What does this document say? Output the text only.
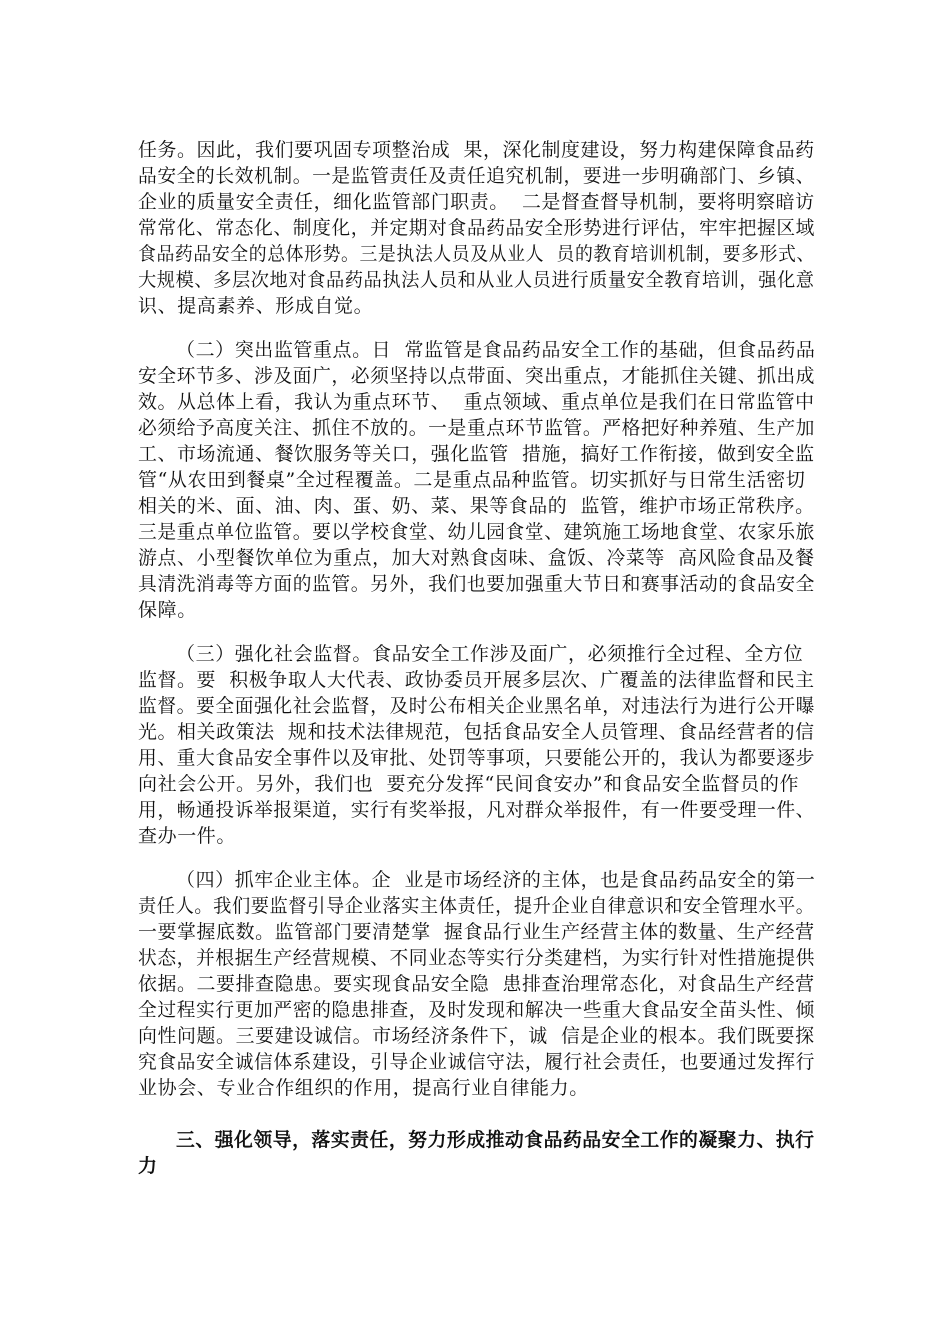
任务。因此，我们要巩固专项整治成  果，深化制度建设，努力构建保障食品药
品安全的长效机制。一是监管责任及责任追究机制，要进一步明确部门、乡镇、
企业的质量安全责任，细化监管部门职责。  二是督查督导机制，要将明察暗访
常常化、常态化、制度化，并定期对食品药品安全形势进行评估，牢牢把握区域
食品药品安全的总体形势。三是执法人员及从业人  员的教育培训机制，要多形式、
大规模、多层次地对食品药品执法人员和从业人员进行质量安全教育培训，强化意
识、提高素养、形成自觉。
（二）突出监管重点。日  常监管是食品药品安全工作的基础，但食品药品
安全环节多、涉及面广，必须坚持以点带面、突出重点，才能抓住关键、抓出成
效。从总体上看，我认为重点环节、  重点领域、重点单位是我们在日常监管中
必须给予高度关注、抓住不放的。一是重点环节监管。严格把好种养殖、生产加
工、市场流通、餐饮服务等关口，强化监管  措施，搞好工作衔接，做到安全监
管“从农田到餐桌”全过程覆盖。二是重点品种监管。切实抓好与日常生活密切
相关的米、面、油、肉、蛋、奶、菜、果等食品的  监管，维护市场正常秩序。
三是重点单位监管。要以学校食堂、幼儿园食堂、建筑施工场地食堂、农家乐旅
游点、小型餐饮单位为重点，加大对熟食卤味、盒饭、冷菜等  高风险食品及餐
具清洗消毒等方面的监管。另外，我们也要加强重大节日和赛事活动的食品安全
保障。
（三）强化社会监督。食品安全工作涉及面广，必须推行全过程、全方位
监督。要  积极争取人大代表、政协委员开展多层次、广覆盖的法律监督和民主
监督。要全面强化社会监督，及时公布相关企业黑名单，对违法行为进行公开曝
光。相关政策法  规和技术法律规范，包括食品安全人员管理、食品经营者的信
用、重大食品安全事件以及审批、处罚等事项，只要能公开的，我认为都要逐步
向社会公开。另外，我们也  要充分发挥“民间食安办”和食品安全监督员的作
用，畅通投诉举报渠道，实行有奖举报，凡对群众举报件，有一件要受理一件、
查办一件。
（四）抓牢企业主体。企  业是市场经济的主体，也是食品药品安全的第一
责任人。我们要监督引导企业落实主体责任，提升企业自律意识和安全管理水平。
一要掌握底数。监管部门要清楚掌  握食品行业生产经营主体的数量、生产经营
状态，并根据生产经营规模、不同业态等实行分类建档，为实行针对性措施提供
依据。二要排查隐患。要实现食品安全隐  患排查治理常态化，对食品生产经营
全过程实行更加严密的隐患排查，及时发现和解决一些重大食品安全苗头性、倾
向性问题。三要建设诚信。市场经济条件下，诚  信是企业的根本。我们既要探
究食品安全诚信体系建设，引导企业诚信守法，履行社会责任，也要通过发挥行
业协会、专业合作组织的作用，提高行业自律能力。
三、强化领导，落实责任，努力形成推动食品药品安全工作的凝聚力、执行
力
